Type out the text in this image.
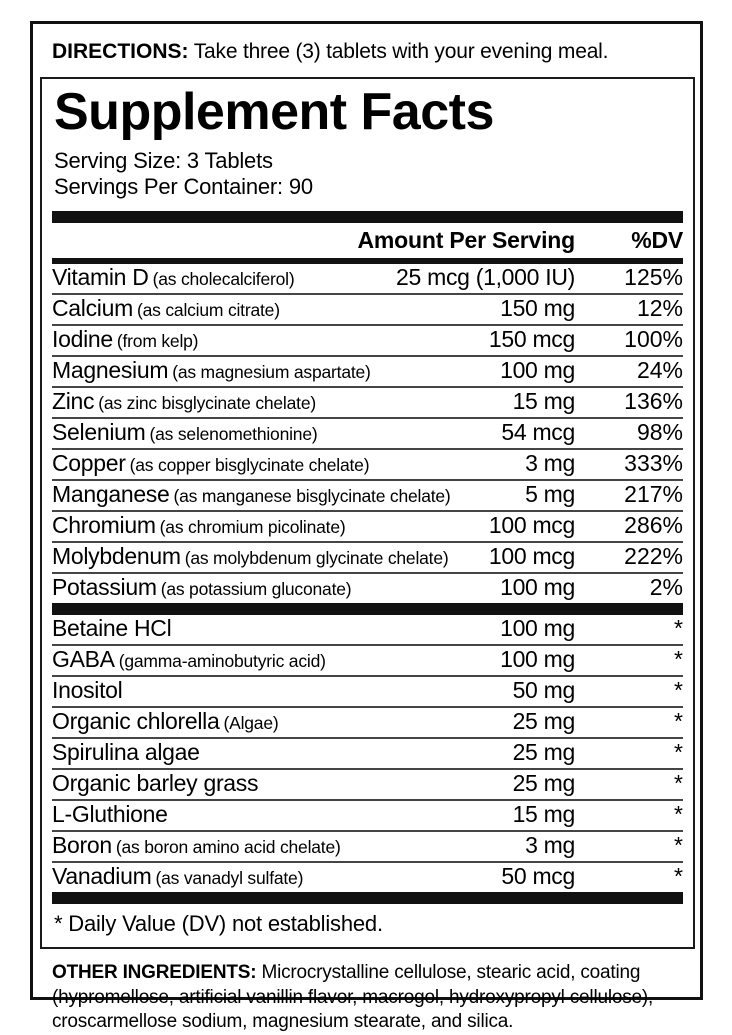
DIRECTIONS: Take three (3) tablets with your evening meal.
Supplement Facts
Serving Size: 3 Tablets
Servings Per Container: 90
Amount Per Serving	%DV
Vitamin D (as cholecalciferol)	25 mcg (1,000 IU)	125%
Calcium (as calcium citrate)	150 mg	12%
Iodine (from kelp)	150 mcg	100%
Magnesium (as magnesium aspartate)	100 mg	24%
Zinc (as zinc bisglycinate chelate)	15 mg	136%
Selenium (as selenomethionine)	54 mcg	98%
Copper (as copper bisglycinate chelate)	3 mg	333%
Manganese (as manganese bisglycinate chelate)	5 mg	217%
Chromium (as chromium picolinate)	100 mcg	286%
Molybdenum (as molybdenum glycinate chelate)	100 mcg	222%
Potassium (as potassium gluconate)	100 mg	2%
Betaine HCl	100 mg	*
GABA (gamma-aminobutyric acid)	100 mg	*
Inositol	50 mg	*
Organic chlorella (Algae)	25 mg	*
Spirulina algae	25 mg	*
Organic barley grass	25 mg	*
L-Gluthione	15 mg	*
Boron (as boron amino acid chelate)	3 mg	*
Vanadium (as vanadyl sulfate)	50 mcg	*
* Daily Value (DV) not established.
OTHER INGREDIENTS: Microcrystalline cellulose, stearic acid, coating (hypromellose, artificial vanillin flavor, macrogol, hydroxypropyl cellulose), croscarmellose sodium, magnesium stearate, and silica.
